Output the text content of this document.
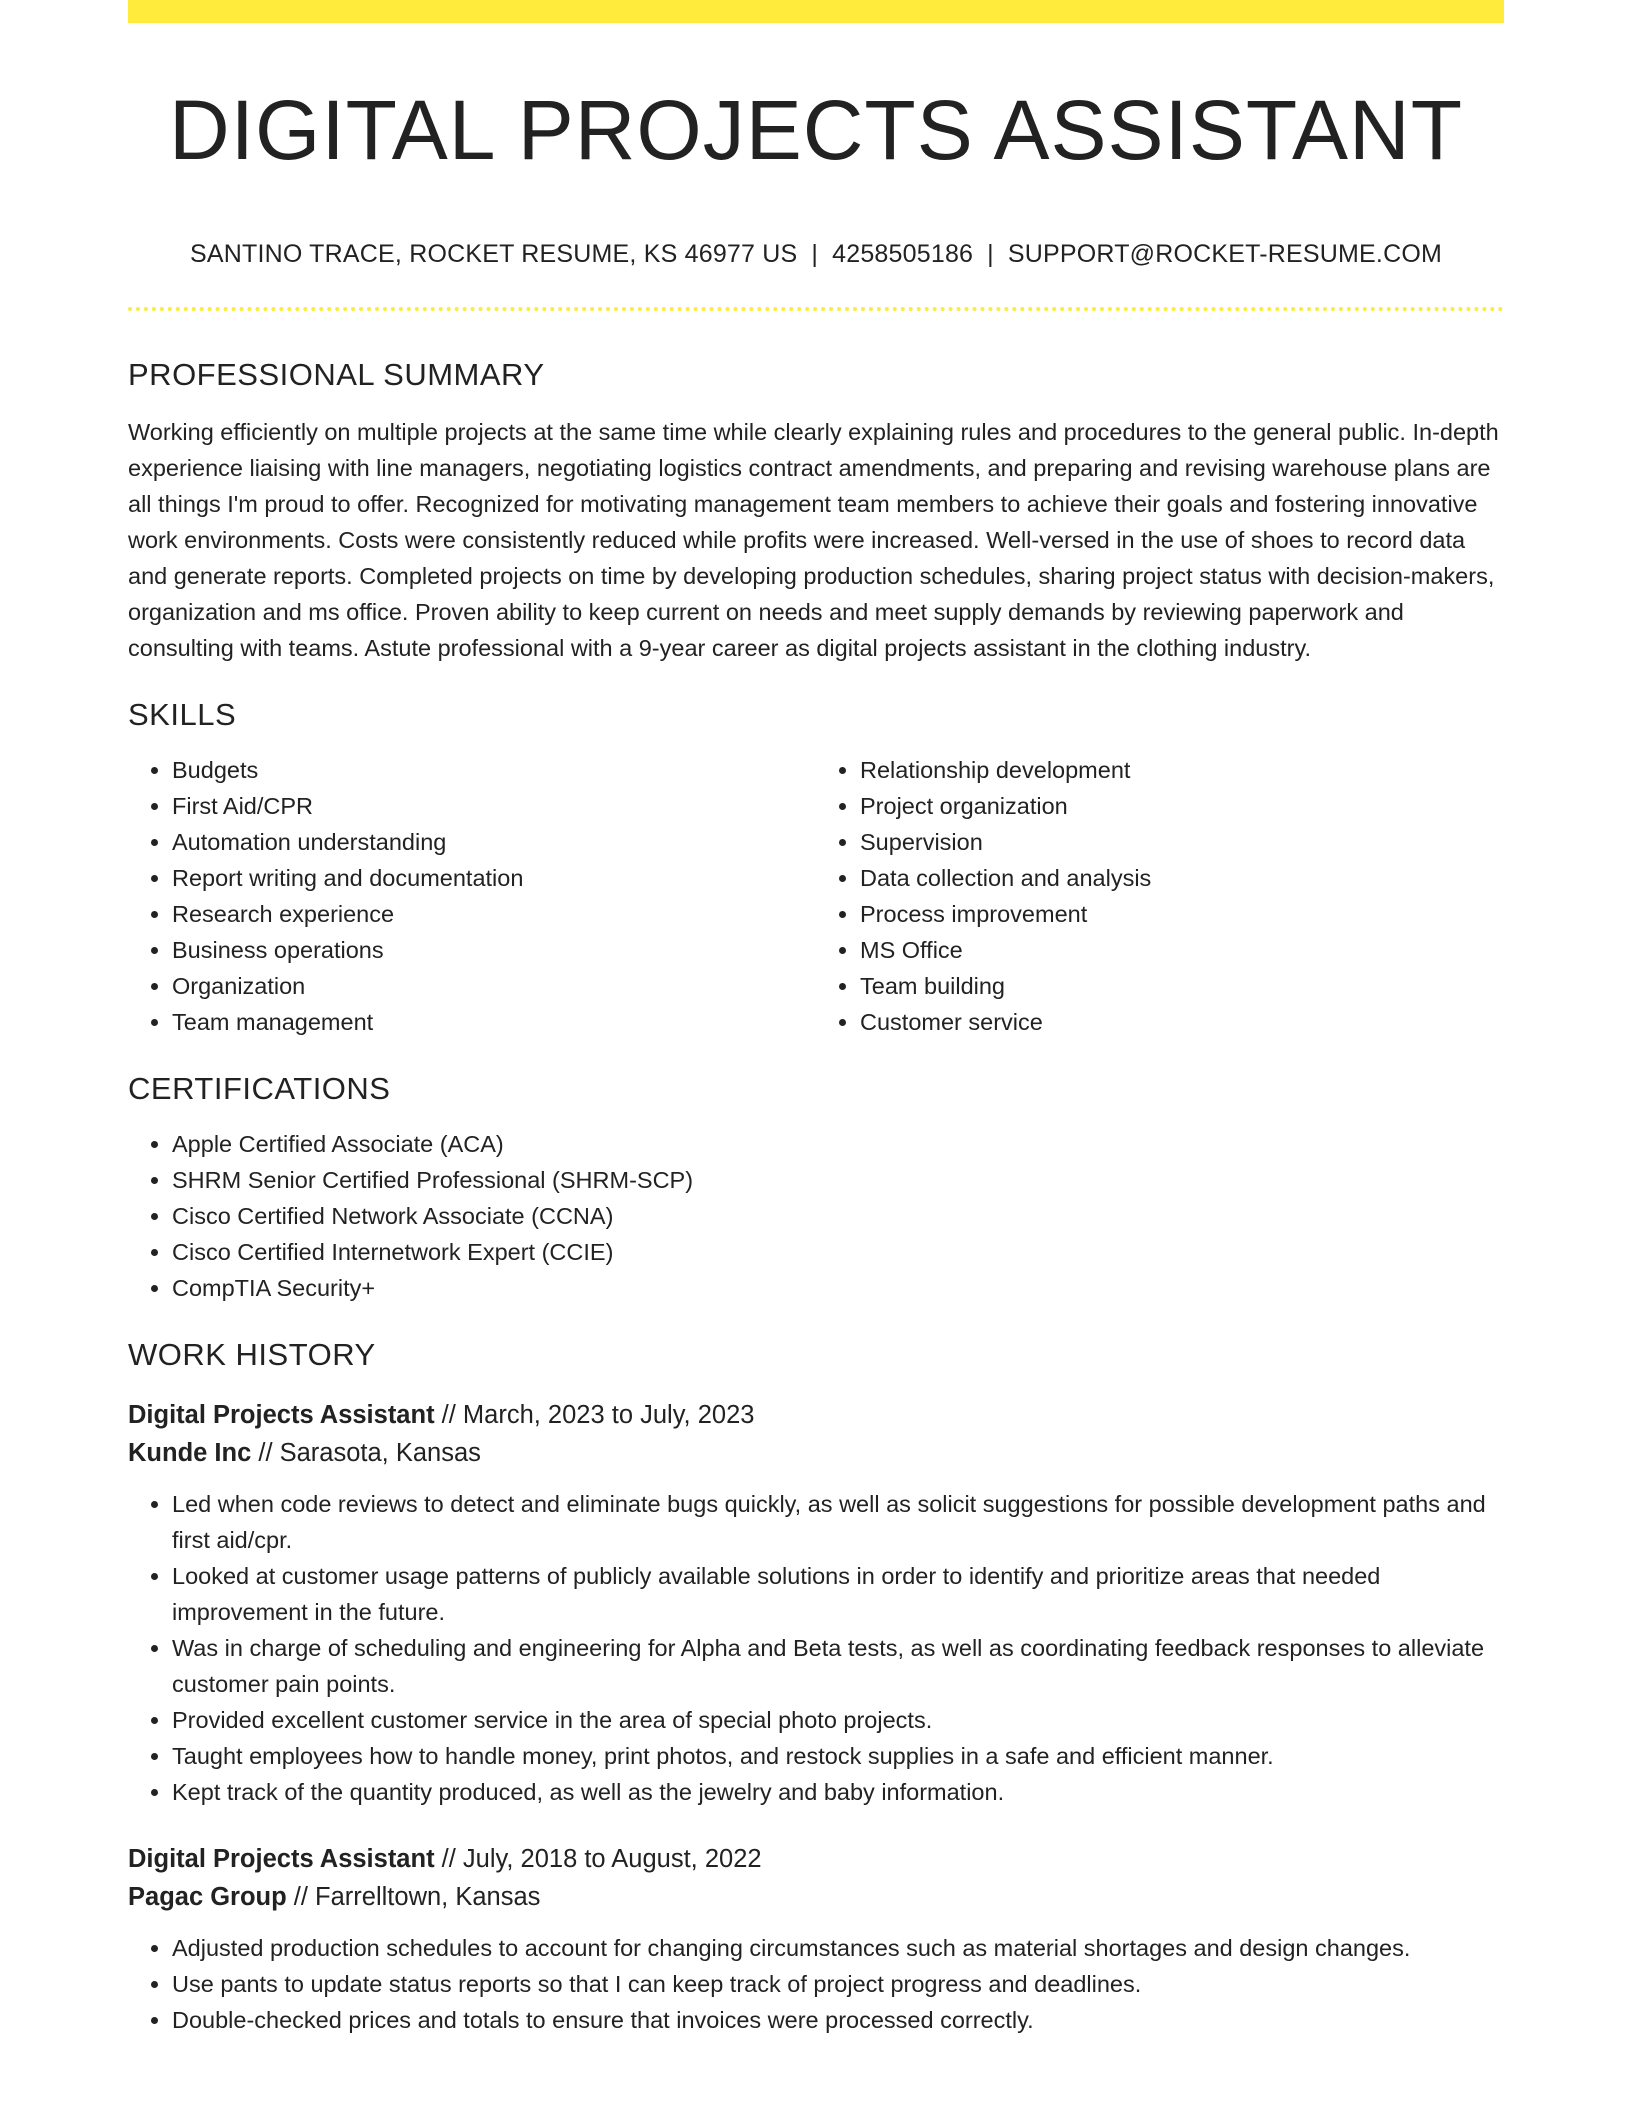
DIGITAL PROJECTS ASSISTANT
SANTINO TRACE, ROCKET RESUME, KS 46977 US | 4258505186 | SUPPORT@ROCKET-RESUME.COM
PROFESSIONAL SUMMARY

Working efficiently on multiple projects at the same time while clearly explaining rules and procedures to the general public. In-depth experience liaising with line managers, negotiating logistics contract amendments, and preparing and revising warehouse plans are all things I'm proud to offer. Recognized for motivating management team members to achieve their goals and fostering innovative work environments. Costs were consistently reduced while profits were increased. Well-versed in the use of shoes to record data and generate reports. Completed projects on time by developing production schedules, sharing project status with decision-makers, organization and ms office. Proven ability to keep current on needs and meet supply demands by reviewing paperwork and consulting with teams. Astute professional with a 9-year career as digital projects assistant in the clothing industry.

SKILLS
• Budgets
• First Aid/CPR
• Automation understanding
• Report writing and documentation
• Research experience
• Business operations
• Organization
• Team management
• Relationship development
• Project organization
• Supervision
• Data collection and analysis
• Process improvement
• MS Office
• Team building
• Customer service
CERTIFICATIONS
• Apple Certified Associate (ACA)
• SHRM Senior Certified Professional (SHRM-SCP)
• Cisco Certified Network Associate (CCNA)
• Cisco Certified Internetwork Expert (CCIE)
• CompTIA Security+
WORK HISTORY
Digital Projects Assistant // March, 2023 to July, 2023
Kunde Inc // Sarasota, Kansas
• Led when code reviews to detect and eliminate bugs quickly, as well as solicit suggestions for possible development paths and first aid/cpr.
• Looked at customer usage patterns of publicly available solutions in order to identify and prioritize areas that needed improvement in the future.
• Was in charge of scheduling and engineering for Alpha and Beta tests, as well as coordinating feedback responses to alleviate customer pain points.
• Provided excellent customer service in the area of special photo projects.
• Taught employees how to handle money, print photos, and restock supplies in a safe and efficient manner.
• Kept track of the quantity produced, as well as the jewelry and baby information.
Digital Projects Assistant // July, 2018 to August, 2022
Pagac Group // Farrelltown, Kansas
• Adjusted production schedules to account for changing circumstances such as material shortages and design changes.
• Use pants to update status reports so that I can keep track of project progress and deadlines.
• Double-checked prices and totals to ensure that invoices were processed correctly.
